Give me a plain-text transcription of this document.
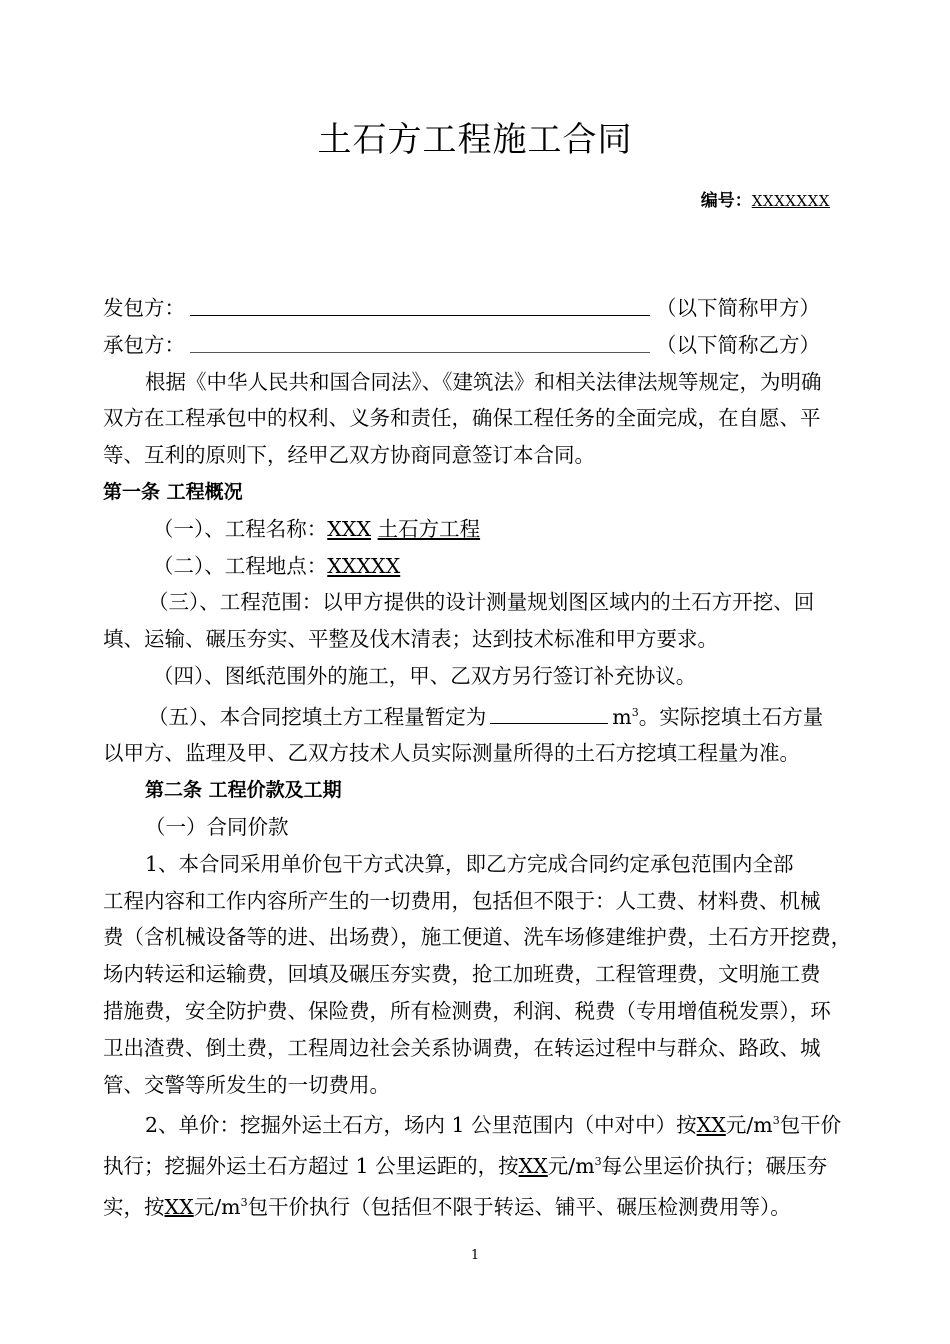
土石方工程施工合同
编号：XXXXXXX
发包方：	（以下简称甲方）
承包方：	（以下简称乙方）
根据《中华人民共和国合同法》、《建筑法》和相关法律法规等规定，为明确
双方在工程承包中的权利、义务和责任，确保工程任务的全面完成，在自愿、平
等、互利的原则下，经甲乙双方协商同意签订本合同。
第一条 工程概况
（一）、工程名称：XXX 土石方工程
（二）、工程地点：XXXXX
（三）、工程范围：以甲方提供的设计测量规划图区域内的土石方开挖、回
填、运输、碾压夯实、平整及伐木清表；达到技术标准和甲方要求。
（四）、图纸范围外的施工，甲、乙双方另行签订补充协议。
（五）、本合同挖填土方工程量暂定为	$m^3$。实际挖填土石方量
以甲方、监理及甲、乙双方技术人员实际测量所得的土石方挖填工程量为准。
第二条 工程价款及工期
（一）合同价款
1、本合同采用单价包干方式决算，即乙方完成合同约定承包范围内全部
工程内容和工作内容所产生的一切费用，包括但不限于：人工费、材料费、机械
费（含机械设备等的进、出场费），施工便道、洗车场修建维护费，土石方开挖费，
场内转运和运输费，回填及碾压夯实费，抢工加班费，工程管理费，文明施工费
措施费，安全防护费、保险费，所有检测费，利润、税费（专用增值税发票），环
卫出渣费、倒土费，工程周边社会关系协调费，在转运过程中与群众、路政、城
管、交警等所发生的一切费用。
2、单价：挖掘外运土石方，场内 1 公里范围内（中对中）按XX元$/m^3$包干价
执行；挖掘外运土石方超过 1 公里运距的，按XX元$/m^3$每公里运价执行；碾压夯
实，按XX元$/m^3$包干价执行（包括但不限于转运、铺平、碾压检测费用等）。
1
